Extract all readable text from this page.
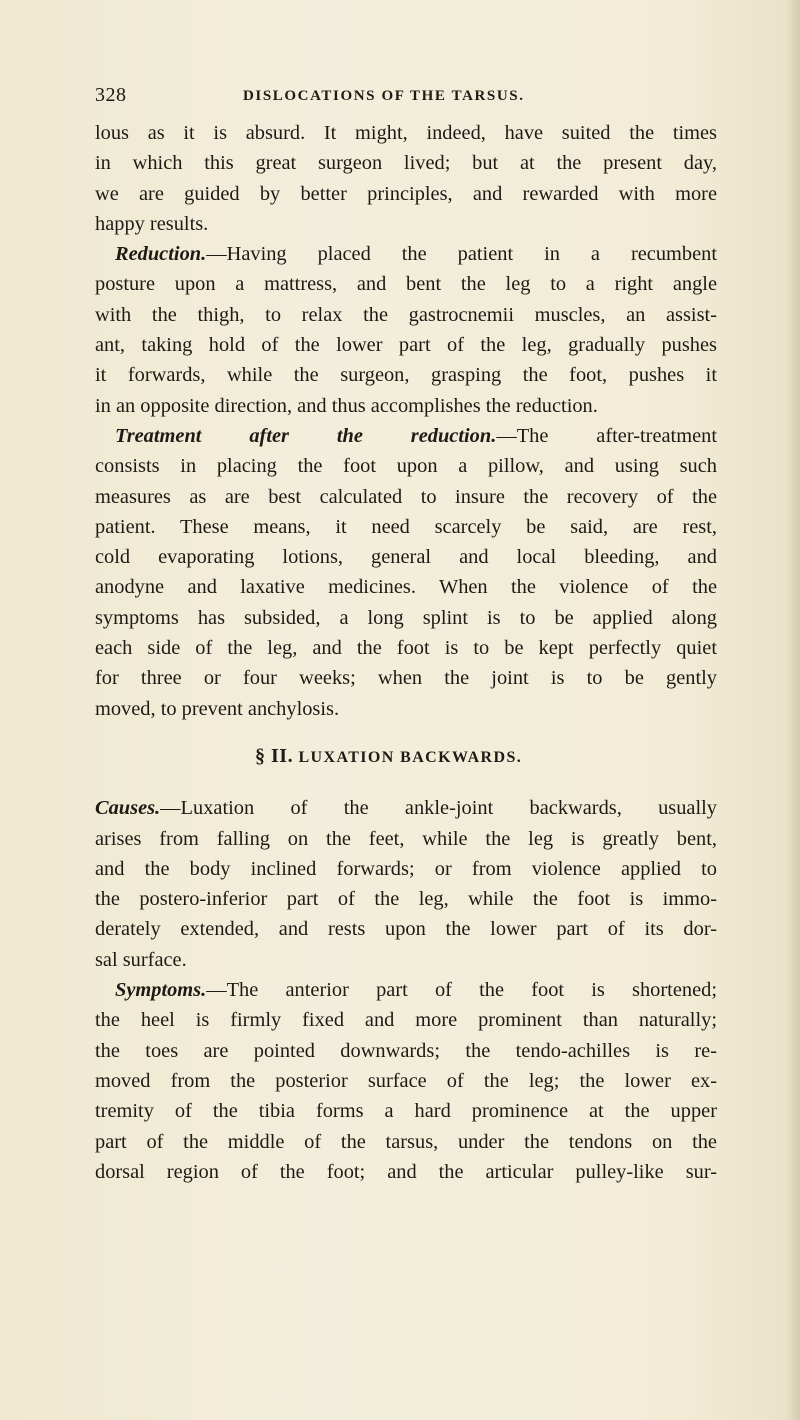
328	DISLOCATIONS OF THE TARSUS.
lous as it is absurd. It might, indeed, have suited the times
in which this great surgeon lived; but at the present day,
we are guided by better principles, and rewarded with more
happy results.
Reduction.—Having placed the patient in a recumbent
posture upon a mattress, and bent the leg to a right angle
with the thigh, to relax the gastrocnemii muscles, an assist-
ant, taking hold of the lower part of the leg, gradually pushes
it forwards, while the surgeon, grasping the foot, pushes it
in an opposite direction, and thus accomplishes the reduction.
Treatment after the reduction.—The after-treatment
consists in placing the foot upon a pillow, and using such
measures as are best calculated to insure the recovery of the
patient. These means, it need scarcely be said, are rest,
cold evaporating lotions, general and local bleeding, and
anodyne and laxative medicines. When the violence of the
symptoms has subsided, a long splint is to be applied along
each side of the leg, and the foot is to be kept perfectly quiet
for three or four weeks; when the joint is to be gently
moved, to prevent anchylosis.
§ II. LUXATION BACKWARDS.
Causes.—Luxation of the ankle-joint backwards, usually
arises from falling on the feet, while the leg is greatly bent,
and the body inclined forwards; or from violence applied to
the postero-inferior part of the leg, while the foot is immo-
derately extended, and rests upon the lower part of its dor-
sal surface.
Symptoms.—The anterior part of the foot is shortened;
the heel is firmly fixed and more prominent than naturally;
the toes are pointed downwards; the tendo-achilles is re-
moved from the posterior surface of the leg; the lower ex-
tremity of the tibia forms a hard prominence at the upper
part of the middle of the tarsus, under the tendons on the
dorsal region of the foot; and the articular pulley-like sur-
